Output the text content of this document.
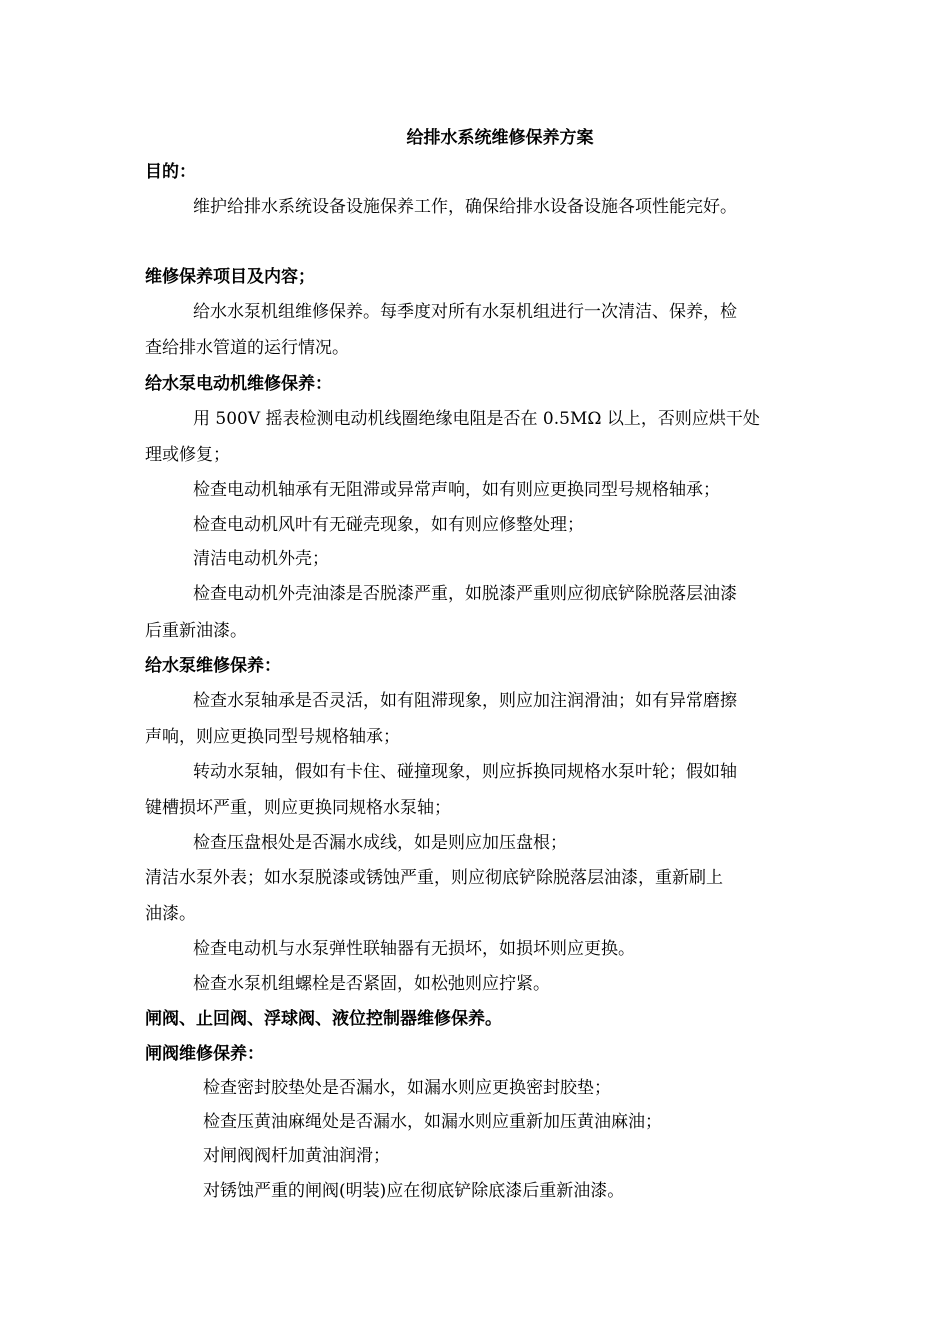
给排水系统维修保养方案
目的：
维护给排水系统设备设施保养工作，确保给排水设备设施各项性能完好。
维修保养项目及内容；
给水水泵机组维修保养。每季度对所有水泵机组进行一次清洁、保养，检
查给排水管道的运行情况。
给水泵电动机维修保养：
用 500V 摇表检测电动机线圈绝缘电阻是否在 0.5MΩ 以上，否则应烘干处
理或修复；
检查电动机轴承有无阻滞或异常声响，如有则应更换同型号规格轴承；
检查电动机风叶有无碰壳现象，如有则应修整处理；
清洁电动机外壳；
检查电动机外壳油漆是否脱漆严重，如脱漆严重则应彻底铲除脱落层油漆
后重新油漆。
给水泵维修保养：
检查水泵轴承是否灵活，如有阻滞现象，则应加注润滑油；如有异常磨擦
声响，则应更换同型号规格轴承；
转动水泵轴，假如有卡住、碰撞现象，则应拆换同规格水泵叶轮；假如轴
键槽损坏严重，则应更换同规格水泵轴；
检查压盘根处是否漏水成线，如是则应加压盘根；
清洁水泵外表；如水泵脱漆或锈蚀严重，则应彻底铲除脱落层油漆，重新刷上
油漆。
检查电动机与水泵弹性联轴器有无损坏，如损坏则应更换。
检查水泵机组螺栓是否紧固，如松弛则应拧紧。
闸阀、止回阀、浮球阀、液位控制器维修保养。
闸阀维修保养：
检查密封胶垫处是否漏水，如漏水则应更换密封胶垫；
检查压黄油麻绳处是否漏水，如漏水则应重新加压黄油麻油；
对闸阀阀杆加黄油润滑；
对锈蚀严重的闸阀(明装)应在彻底铲除底漆后重新油漆。
